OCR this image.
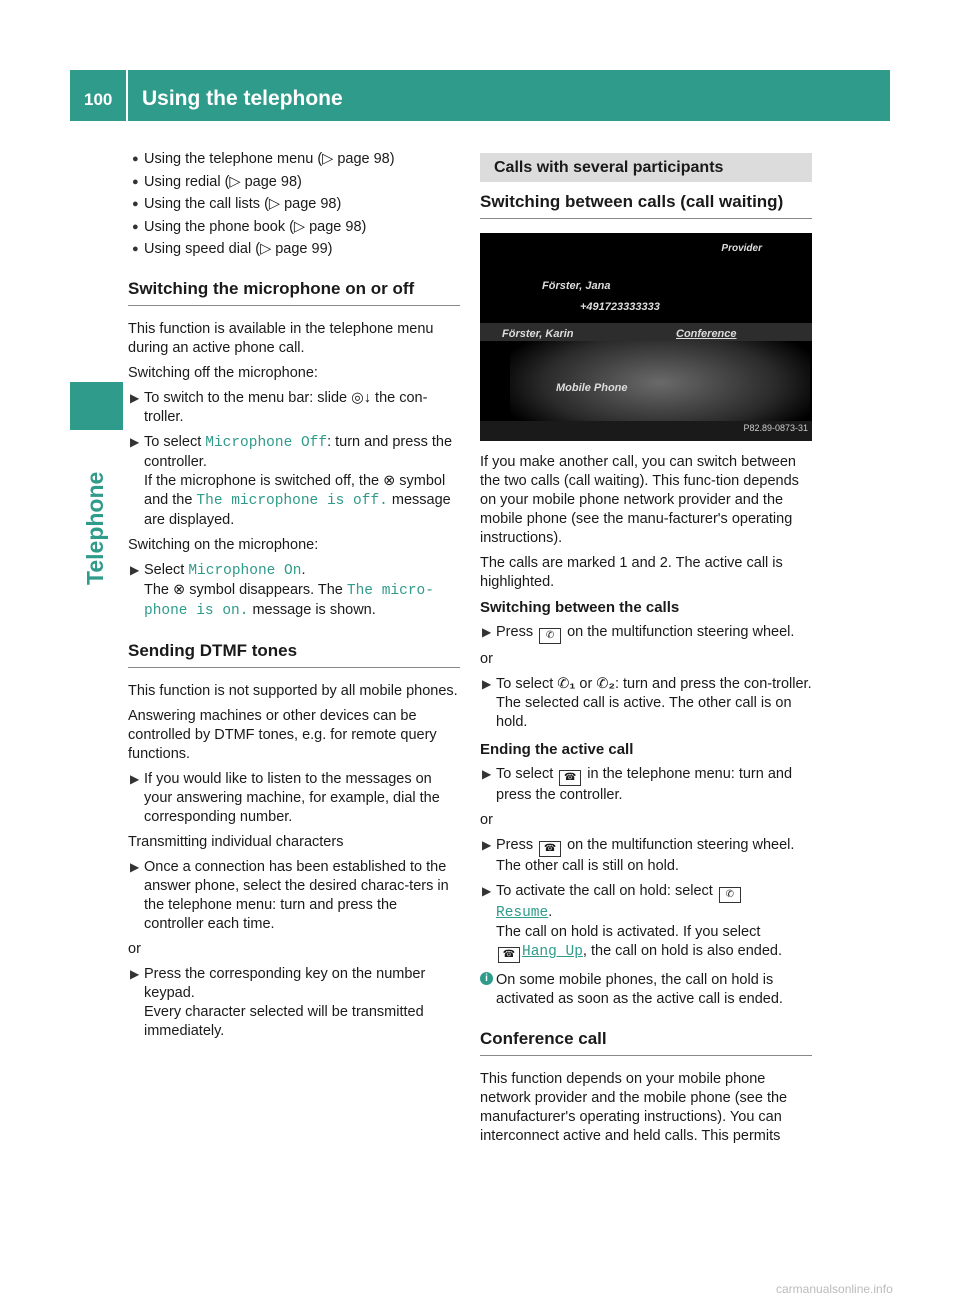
100 Using the telephone
Telephone
● Using the telephone menu (▷ page 98)
● Using redial (▷ page 98)
● Using the call lists (▷ page 98)
● Using the phone book (▷ page 98)
● Using speed dial (▷ page 99)
Switching the microphone on or off

This function is available in the telephone menu during an active phone call.

Switching off the microphone:

▶ To switch to the menu bar: slide ◎↓ the con-troller.
▶ To select Microphone Off: turn and press the controller.
If the microphone is switched off, the ⊗ symbol and the The microphone is off. message are displayed.

Switching on the microphone:

▶ Select Microphone On.
The ⊗ symbol disappears. The The micro‐ phone is on. message is shown.
Sending DTMF tones

This function is not supported by all mobile phones.

Answering machines or other devices can be controlled by DTMF tones, e.g. for remote query functions.

▶ If you would like to listen to the messages on your answering machine, for example, dial the corresponding number.

Transmitting individual characters

▶ Once a connection has been established to the answer phone, select the desired charac-ters in the telephone menu: turn and press the controller each time.

or

▶ Press the corresponding key on the number keypad.
Every character selected will be transmitted immediately.
Calls with several participants
Switching between calls (call waiting)
Provider
Förster, Jana
+491723333333
Förster, Karin	Conference
Mobile Phone
P82.89-0873-31

If you make another call, you can switch between the two calls (call waiting). This func-tion depends on your mobile phone network provider and the mobile phone (see the manu-facturer's operating instructions).

The calls are marked 1 and 2. The active call is highlighted.

Switching between the calls

▶ Press ✆ on the multifunction steering wheel.

or

▶ To select ✆₁ or ✆₂: turn and press the con-troller.
The selected call is active. The other call is on hold.

Ending the active call

▶ To select ☎ in the telephone menu: turn and press the controller.

or

▶ Press ☎ on the multifunction steering wheel.
The other call is still on hold.
▶ To activate the call on hold: select ✆
Resume.
The call on hold is activated. If you select
☎ Hang Up, the call on hold is also ended.
i On some mobile phones, the call on hold is activated as soon as the active call is ended.
Conference call

This function depends on your mobile phone network provider and the mobile phone (see the manufacturer's operating instructions). You can interconnect active and held calls. This permits

carmanualsonline.info
